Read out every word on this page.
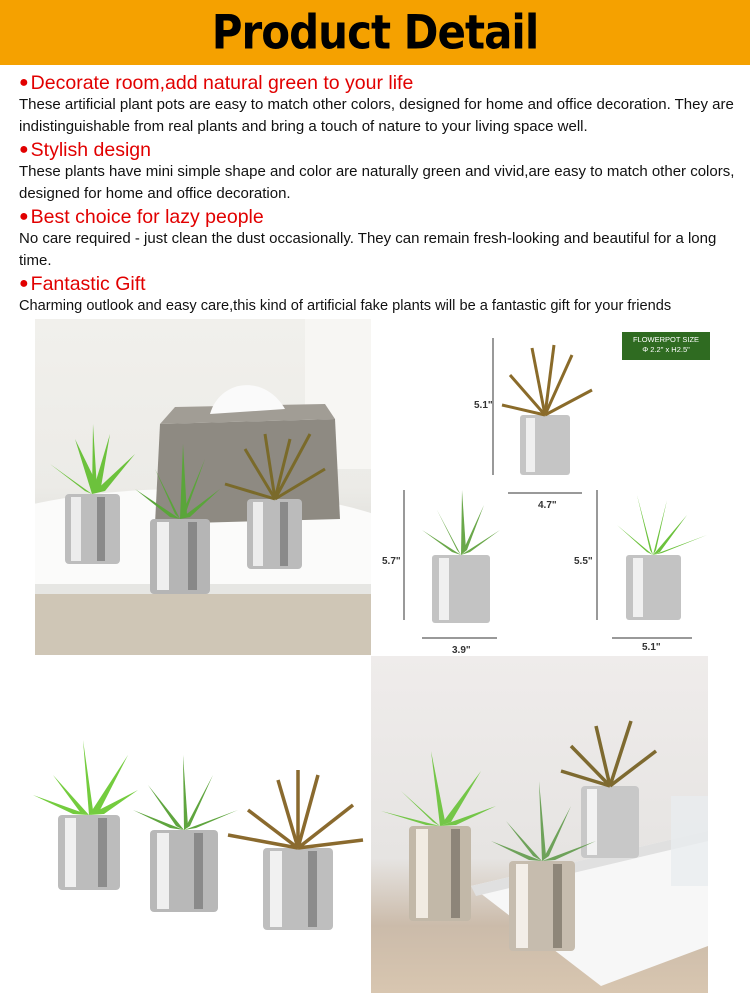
Product Detail
● Decorate room,add natural green to your life
These artificial plant pots are easy to match other colors, designed for home and office decoration. They are indistinguishable from real plants and bring a touch of nature to your living space well.
● Stylish design
These plants have mini simple shape and color are naturally green and vivid,are easy to match other colors, designed for home and office decoration.
● Best choice for lazy people
No care required - just clean the dust occasionally. They can remain fresh-looking and beautiful for a long time.
● Fantastic Gift
Charming outlook and easy care,this kind of artificial fake plants will be a fantastic gift for your friends
FLOWERPOT SIZE
Φ 2.2" x H2.5"
5.1"
4.7"
5.7"
3.9"
5.5"
5.1"
